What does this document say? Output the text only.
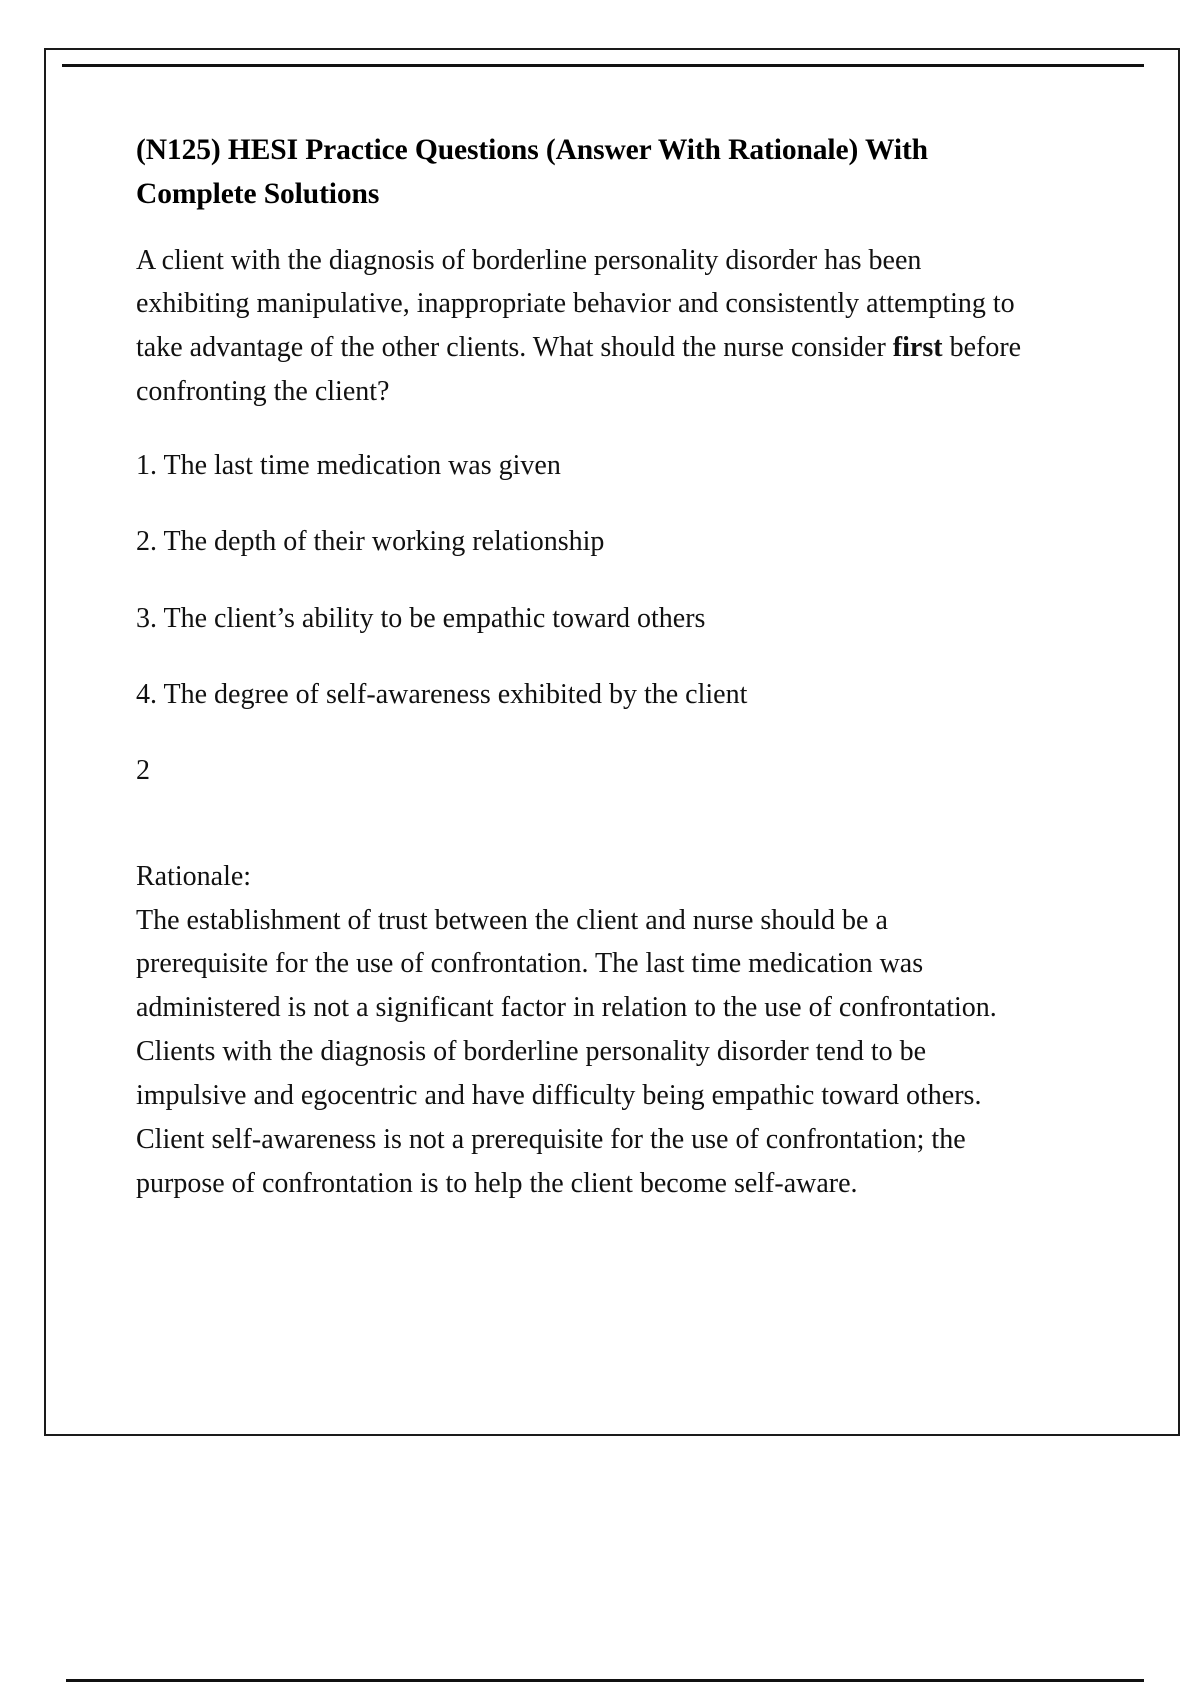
(N125) HESI Practice Questions (Answer With Rationale) With Complete Solutions

A client with the diagnosis of borderline personality disorder has been exhibiting manipulative, inappropriate behavior and consistently attempting to take advantage of the other clients. What should the nurse consider first before confronting the client?

1. The last time medication was given

2. The depth of their working relationship

3. The client’s ability to be empathic toward others

4. The degree of self-awareness exhibited by the client

2

Rationale:

The establishment of trust between the client and nurse should be a prerequisite for the use of confrontation. The last time medication was administered is not a significant factor in relation to the use of confrontation. Clients with the diagnosis of borderline personality disorder tend to be impulsive and egocentric and have difficulty being empathic toward others. Client self-awareness is not a prerequisite for the use of confrontation; the purpose of confrontation is to help the client become self-aware.
